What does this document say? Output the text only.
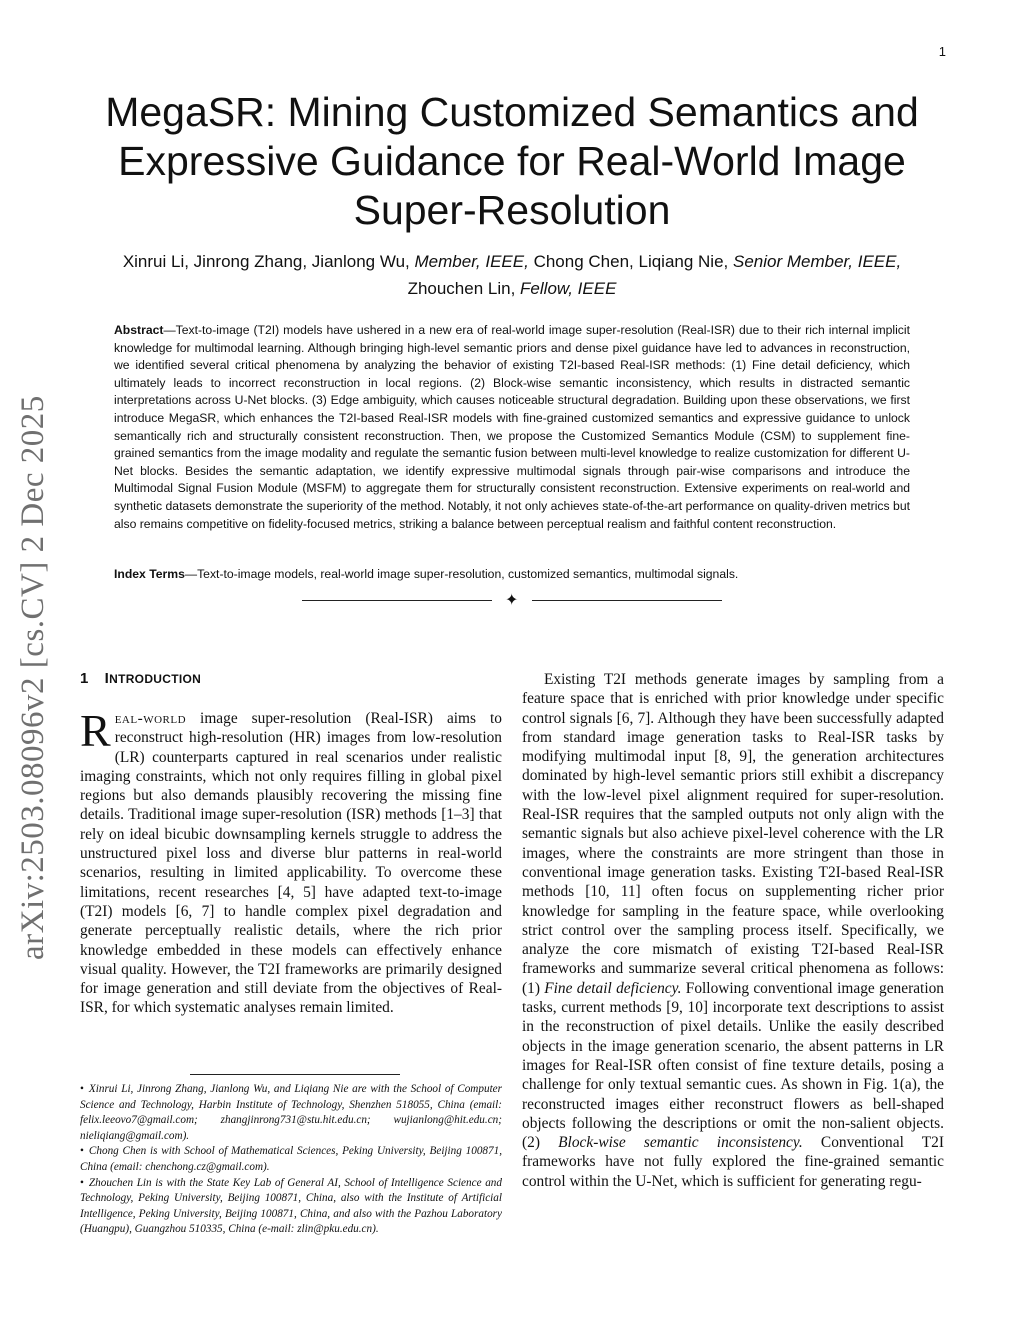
1
arXiv:2503.08096v2 [cs.CV] 2 Dec 2025
MegaSR: Mining Customized Semantics and Expressive Guidance for Real-World Image Super-Resolution
Xinrui Li, Jinrong Zhang, Jianlong Wu, Member, IEEE, Chong Chen, Liqiang Nie, Senior Member, IEEE,
Zhouchen Lin, Fellow, IEEE

Abstract—Text-to-image (T2I) models have ushered in a new era of real-world image super-resolution (Real-ISR) due to their rich internal implicit knowledge for multimodal learning. Although bringing high-level semantic priors and dense pixel guidance have led to advances in reconstruction, we identified several critical phenomena by analyzing the behavior of existing T2I-based Real-ISR methods: (1) Fine detail deficiency, which ultimately leads to incorrect reconstruction in local regions. (2) Block-wise semantic inconsistency, which results in distracted semantic interpretations across U-Net blocks. (3) Edge ambiguity, which causes noticeable structural degradation. Building upon these observations, we first introduce MegaSR, which enhances the T2I-based Real-ISR models with fine-grained customized semantics and expressive guidance to unlock semantically rich and structurally consistent reconstruction. Then, we propose the Customized Semantics Module (CSM) to supplement fine-grained semantics from the image modality and regulate the semantic fusion between multi-level knowledge to realize customization for different U-Net blocks. Besides the semantic adaptation, we identify expressive multimodal signals through pair-wise comparisons and introduce the Multimodal Signal Fusion Module (MSFM) to aggregate them for structurally consistent reconstruction. Extensive experiments on real-world and synthetic datasets demonstrate the superiority of the method. Notably, it not only achieves state-of-the-art performance on quality-driven metrics but also remains competitive on fidelity-focused metrics, striking a balance between perceptual realism and faithful content reconstruction.

Index Terms—Text-to-image models, real-world image super-resolution, customized semantics, multimodal signals.

✦
1 INTRODUCTION

Real-world image super-resolution (Real-ISR) aims to reconstruct high-resolution (HR) images from low-resolution (LR) counterparts captured in real scenarios under realistic imaging constraints, which not only requires filling in global pixel regions but also demands plausibly recovering the missing fine details. Traditional image super-resolution (ISR) methods [1–3] that rely on ideal bicubic downsampling kernels struggle to address the unstructured pixel loss and diverse blur patterns in real-world scenarios, resulting in limited applicability. To overcome these limitations, recent researches [4, 5] have adapted text-to-image (T2I) models [6, 7] to handle complex pixel degradation and generate perceptually realistic details, where the rich prior knowledge embedded in these models can effectively enhance visual quality. However, the T2I frameworks are primarily designed for image generation and still deviate from the objectives of Real-ISR, for which systematic analyses remain limited.

• Xinrui Li, Jinrong Zhang, Jianlong Wu, and Liqiang Nie are with the School of Computer Science and Technology, Harbin Institute of Technology, Shenzhen 518055, China (email: felix.leeovo7@gmail.com; zhangjinrong731@stu.hit.edu.cn; wujianlong@hit.edu.cn; nieliqiang@gmail.com).

• Chong Chen is with School of Mathematical Sciences, Peking University, Beijing 100871, China (email: chenchong.cz@gmail.com).

• Zhouchen Lin is with the State Key Lab of General AI, School of Intelligence Science and Technology, Peking University, Beijing 100871, China, also with the Institute of Artificial Intelligence, Peking University, Beijing 100871, China, and also with the Pazhou Laboratory (Huangpu), Guangzhou 510335, China (e-mail: zlin@pku.edu.cn).

Existing T2I methods generate images by sampling from a feature space that is enriched with prior knowledge under specific control signals [6, 7]. Although they have been successfully adapted from standard image generation tasks to Real-ISR tasks by modifying multimodal input [8, 9], the generation architectures dominated by high-level semantic priors still exhibit a discrepancy with the low-level pixel alignment required for super-resolution. Real-ISR requires that the sampled outputs not only align with the semantic signals but also achieve pixel-level coherence with the LR images, where the constraints are more stringent than those in conventional image generation tasks. Existing T2I-based Real-ISR methods [10, 11] often focus on supplementing richer prior knowledge for sampling in the feature space, while overlooking strict control over the sampling process itself. Specifically, we analyze the core mismatch of existing T2I-based Real-ISR frameworks and summarize several critical phenomena as follows: (1) Fine detail deficiency. Following conventional image generation tasks, current methods [9, 10] incorporate text descriptions to assist in the reconstruction of pixel details. Unlike the easily described objects in the image generation scenario, the absent patterns in LR images for Real-ISR often consist of fine texture details, posing a challenge for only textual semantic cues. As shown in Fig. 1(a), the reconstructed images either reconstruct flowers as bell-shaped objects following the descriptions or omit the non-salient objects. (2) Block-wise semantic inconsistency. Conventional T2I frameworks have not fully explored the fine-grained semantic control within the U-Net, which is sufficient for generating regu-
